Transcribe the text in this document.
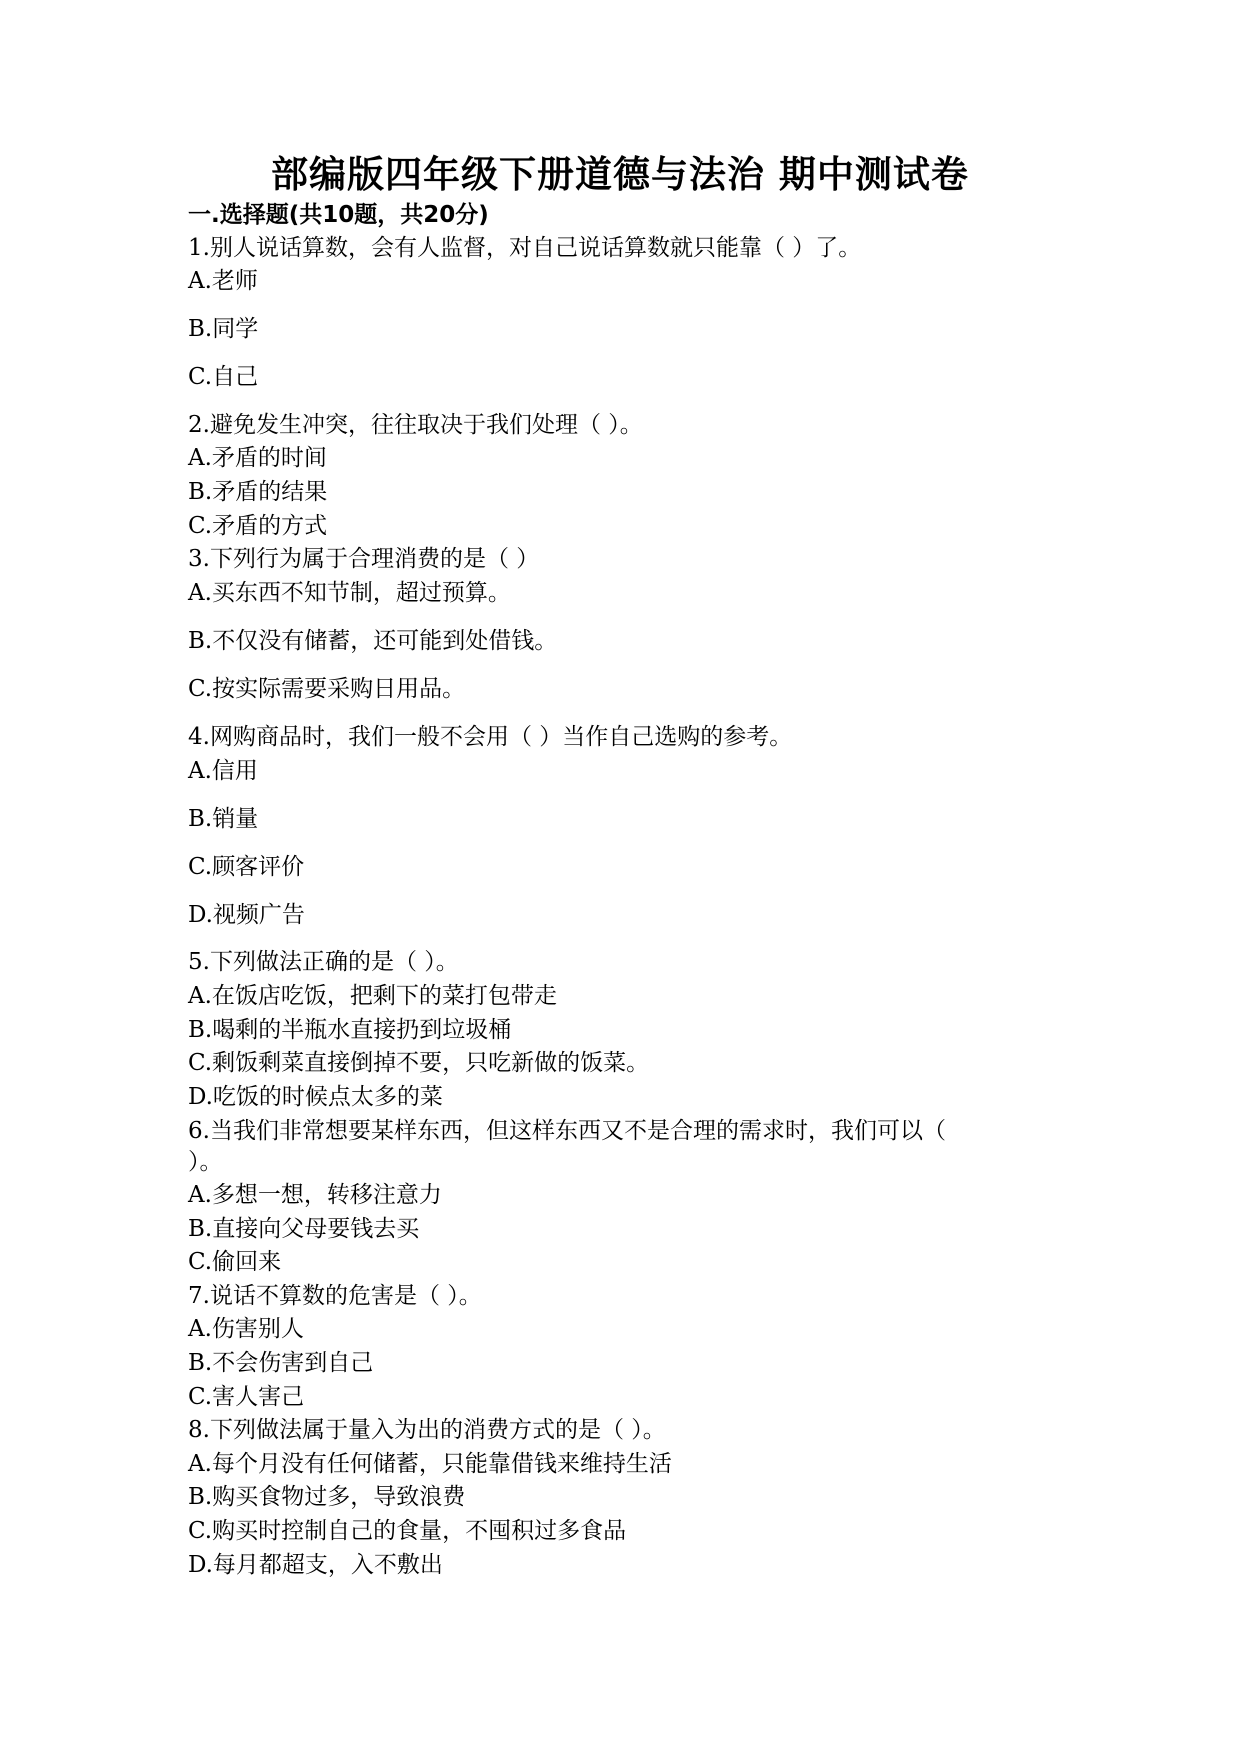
部编版四年级下册道德与法治 期中测试卷
一.选择题(共10题，共20分)
1.别人说话算数，会有人监督，对自己说话算数就只能靠（ ）了。
A.老师
B.同学
C.自己
2.避免发生冲突，往往取决于我们处理（ ）。
A.矛盾的时间
B.矛盾的结果
C.矛盾的方式
3.下列行为属于合理消费的是（ ）
A.买东西不知节制，超过预算。
B.不仅没有储蓄，还可能到处借钱。
C.按实际需要采购日用品。
4.网购商品时，我们一般不会用（ ）当作自己选购的参考。
A.信用
B.销量
C.顾客评价
D.视频广告
5.下列做法正确的是（ ）。
A.在饭店吃饭，把剩下的菜打包带走
B.喝剩的半瓶水直接扔到垃圾桶
C.剩饭剩菜直接倒掉不要，只吃新做的饭菜。
D.吃饭的时候点太多的菜
6.当我们非常想要某样东西，但这样东西又不是合理的需求时，我们可以（
）。
A.多想一想，转移注意力
B.直接向父母要钱去买
C.偷回来
7.说话不算数的危害是（ ）。
A.伤害别人
B.不会伤害到自己
C.害人害己
8.下列做法属于量入为出的消费方式的是（ ）。
A.每个月没有任何储蓄，只能靠借钱来维持生活
B.购买食物过多，导致浪费
C.购买时控制自己的食量，不囤积过多食品
D.每月都超支，入不敷出
